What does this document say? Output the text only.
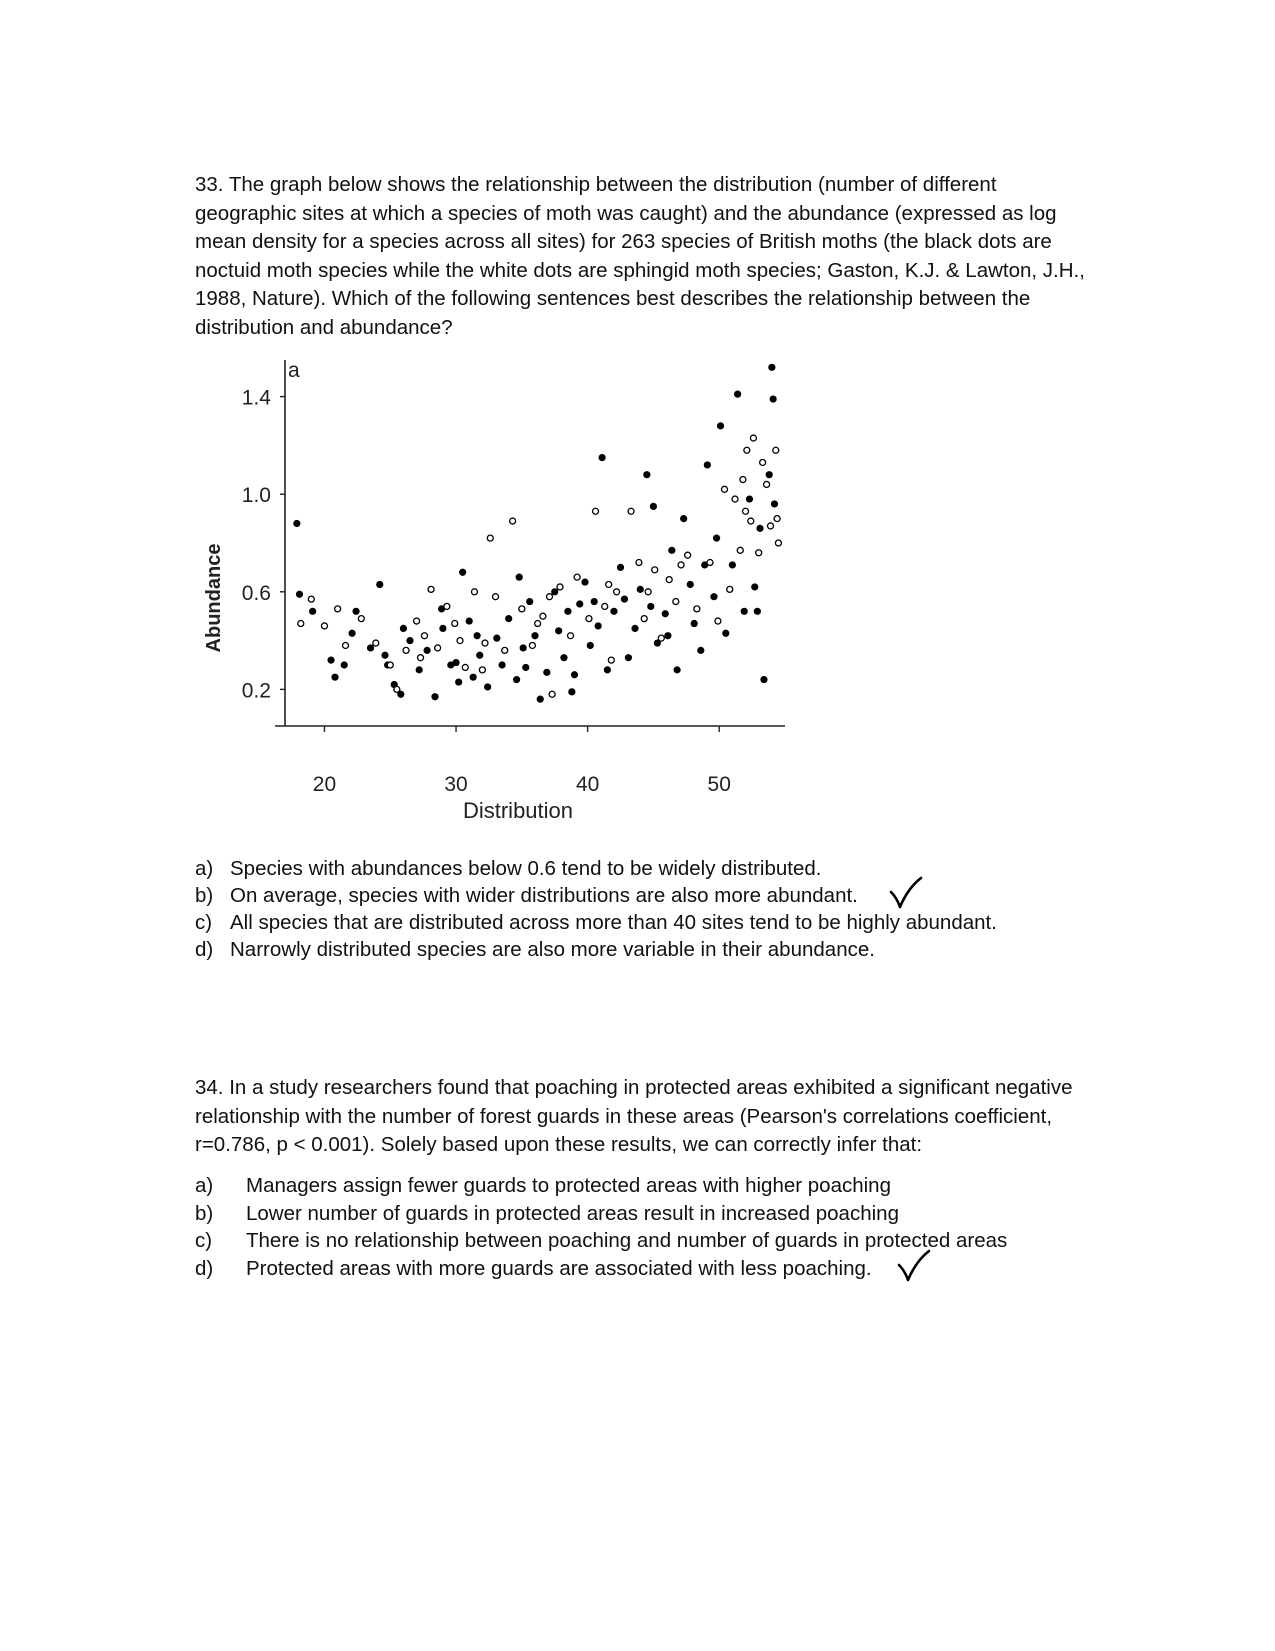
33. The graph below shows the relationship between the distribution (number of different geographic sites at which a species of moth was caught) and the abundance (expressed as log mean density for a species across all sites) for 263 species of British moths (the black dots are noctuid moth species while the white dots are sphingid moth species; Gaston, K.J. & Lawton, J.H., 1988, Nature). Which of the following sentences best describes the relationship between the distribution and abundance?

0.2
0.6
1.0
1.4
20	30	40	50
a
Distribution
Abundance
a) Species with abundances below 0.6 tend to be widely distributed.
b) On average, species with wider distributions are also more abundant.
c) All species that are distributed across more than 40 sites tend to be highly abundant.
d) Narrowly distributed species are also more variable in their abundance.

34. In a study researchers found that poaching in protected areas exhibited a significant negative relationship with the number of forest guards in these areas (Pearson's correlations coefficient, r=0.786, p < 0.001). Solely based upon these results, we can correctly infer that:

a) Managers assign fewer guards to protected areas with higher poaching
b) Lower number of guards in protected areas result in increased poaching
c) There is no relationship between poaching and number of guards in protected areas
d) Protected areas with more guards are associated with less poaching.
